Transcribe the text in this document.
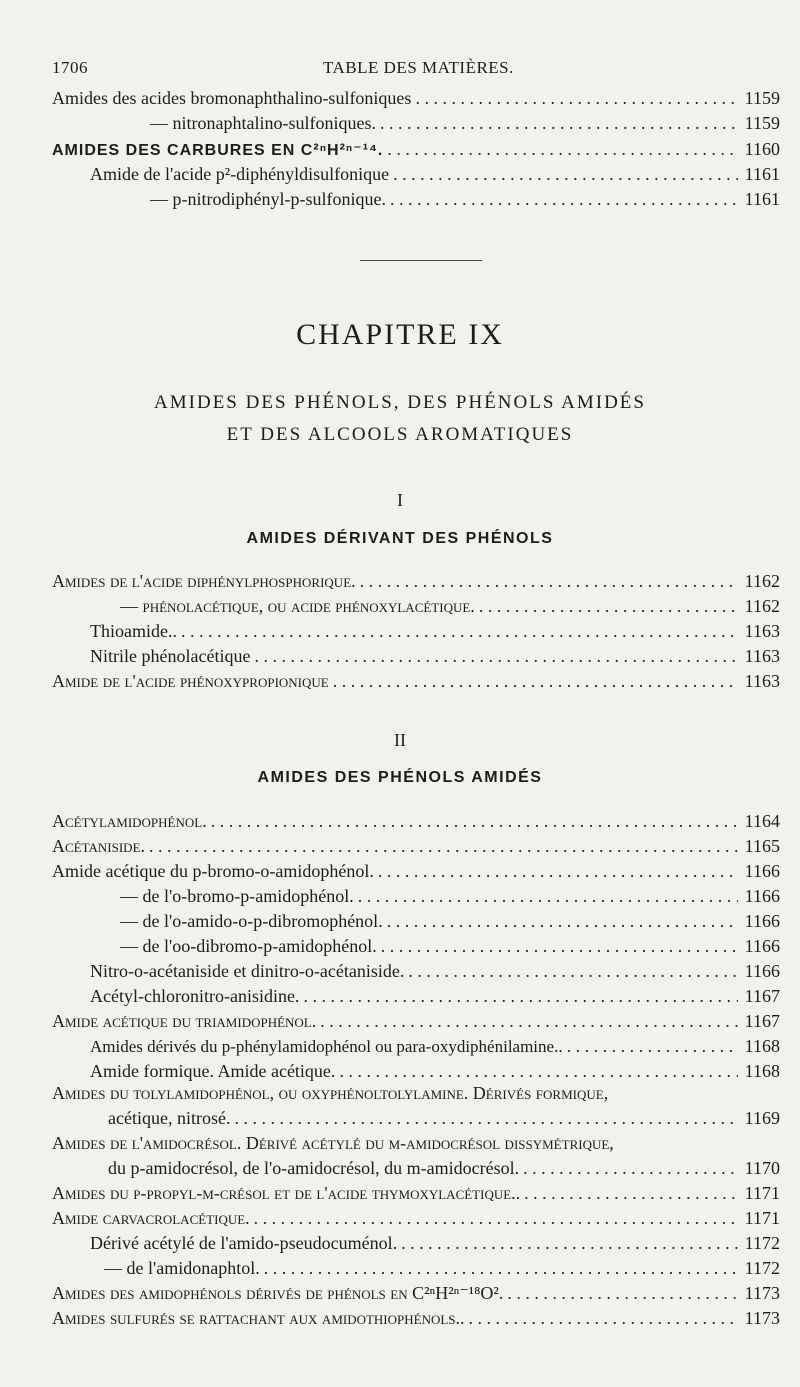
1706	TABLE DES MATIÈRES.
Amides des acides bromonaphthalino-sulfoniques . . .	1159
— nitronaphtalino-sulfoniques. . . .	1159
AMIDES DES CARBURES EN C²ⁿH²ⁿ⁻¹⁴. . . .	1160
Amide de l'acide p²-diphényldisulfonique . . .	1161
— p-nitrodiphényl-p-sulfonique. . . .	1161
CHAPITRE IX
AMIDES DES PHÉNOLS, DES PHÉNOLS AMIDÉS
ET DES ALCOOLS AROMATIQUES
I
AMIDES DÉRIVANT DES PHÉNOLS
Amides de l'acide diphénylphosphorique. . . .	1162
— phénolacétique, ou acide phénoxylacétique. . . .	1162
Thioamide.. . . .	1163
Nitrile phénolacétique . . .	1163
Amide de l'acide phénoxypropionique . . .	1163
II
AMIDES DES PHÉNOLS AMIDÉS
Acétylamidophénol. . . .	1164
Acétaniside. . . .	1165
Amide acétique du p-bromo-o-amidophénol. . . .	1166
— de l'o-bromo-p-amidophénol. . . .	1166
— de l'o-amido-o-p-dibromophénol. . . .	1166
— de l'oo-dibromo-p-amidophénol. . . .	1166
Nitro-o-acétaniside et dinitro-o-acétaniside. . . .	1166
Acétyl-chloronitro-anisidine. . . .	1167
Amide acétique du triamidophénol. . . .	1167
Amides dérivés du p-phénylamidophénol ou para-oxydiphénilamine.. . . .	1168
Amide formique. Amide acétique. . . .	1168
Amides du tolylamidophénol, ou oxyphénoltolylamine. Dérivés formique,
acétique, nitrosé. . . .	1169
Amides de l'amidocrésol. Dérivé acétylé du m-amidocrésol dissymétrique,
du p-amidocrésol, de l'o-amidocrésol, du m-amidocrésol. . . .	1170
Amides du p-propyl-m-crésol et de l'acide thymoxylacétique.. . . .	1171
Amide carvacrolacétique. . . .	1171
Dérivé acétylé de l'amido-pseudocuménol. . . .	1172
— de l'amidonaphtol. . . .	1172
Amides des amidophénols dérivés de phénols en C²ⁿH²ⁿ⁻¹⁸O². . . .	1173
Amides sulfurés se rattachant aux amidothiophénols.. . . .	1173
